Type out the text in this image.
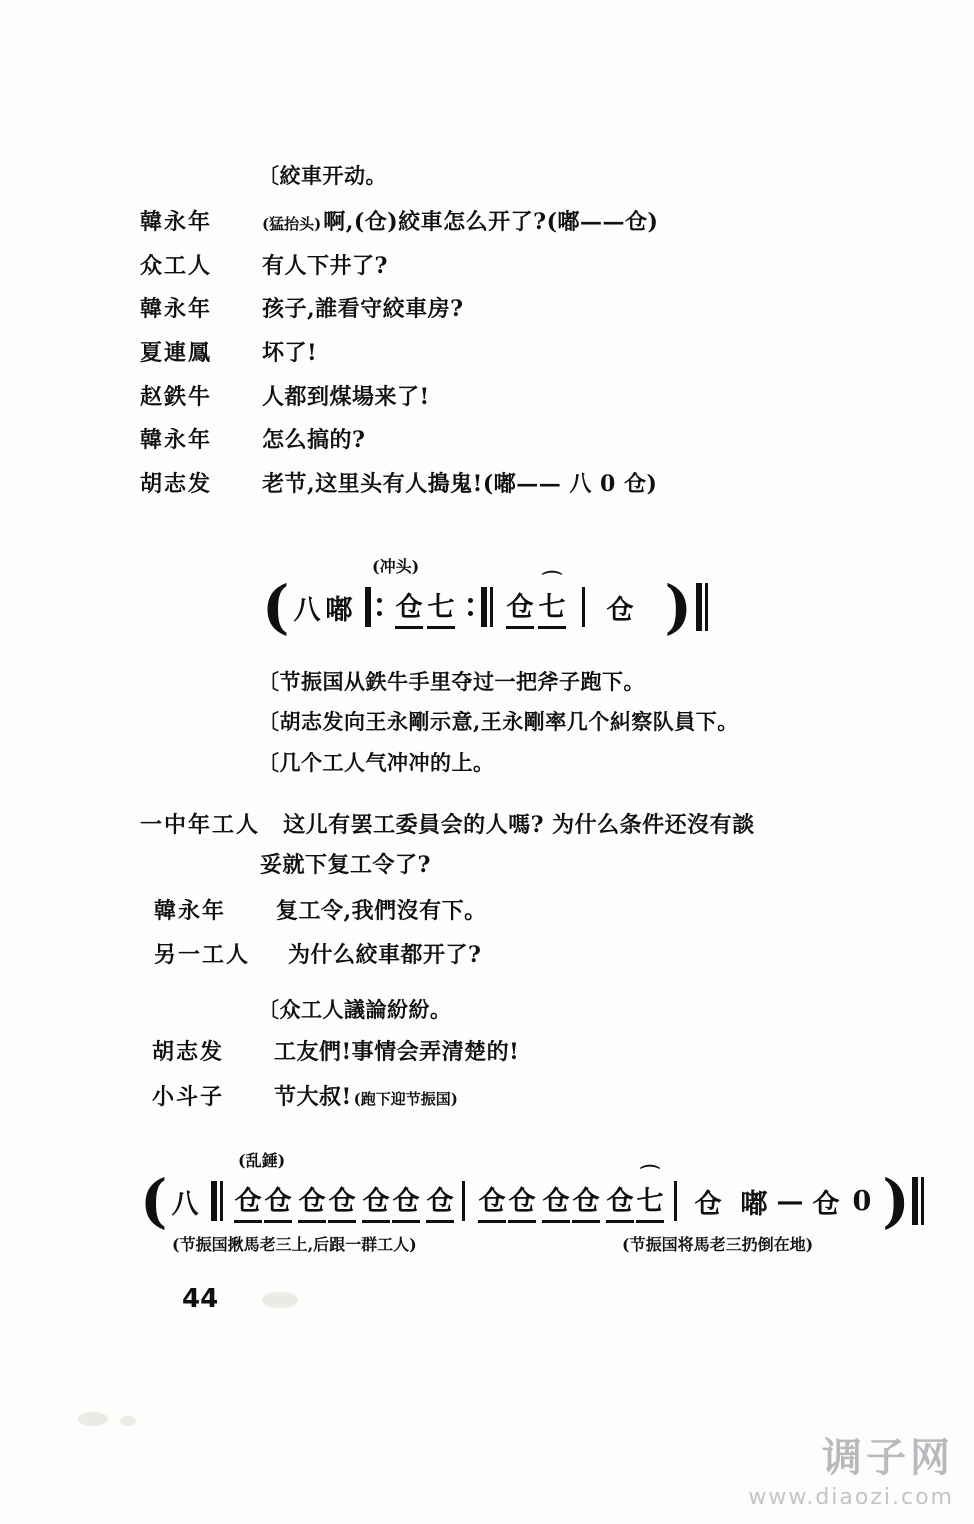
〔絞車开动。
韓永年	(猛抬头) 啊,(仓)絞車怎么开了?(嘟——仓)
众工人	有人下井了?
韓永年	孩子,誰看守絞車房?
夏連鳳	坏了!
赵鉄牛	人都到煤場来了!
韓永年	怎么搞的?
胡志发	老节,这里头有人搗鬼!(嘟—— 八 0 仓)
(冲头)
( 八 嘟 仓 七 仓 ⌒ 七 仓 )
〔节振国从鉄牛手里夺过一把斧子跑下。
〔胡志发向王永剛示意,王永剛率几个糾察队員下。
〔几个工人气冲冲的上。
一中年工人 这儿有罢工委員会的人嗎? 为什么条件还沒有談
妥就下复工令了?
韓永年	复工令,我們沒有下。
另一工人	为什么絞車都开了?
〔众工人議論紛紛。
胡志发	工友們!事情会弄清楚的!
小斗子	节大叔! (跑下迎节振国)
(乱錘)
( 八 仓 仓 仓 仓 仓 仓 仓 仓 仓 仓 仓 仓 ⌒ 七 仓 嘟 — 仓 0 )
(节振国揪馬老三上,后跟一群工人)	(节振国将馬老三扔倒在地)
44
调子网
www.diaozi.com
